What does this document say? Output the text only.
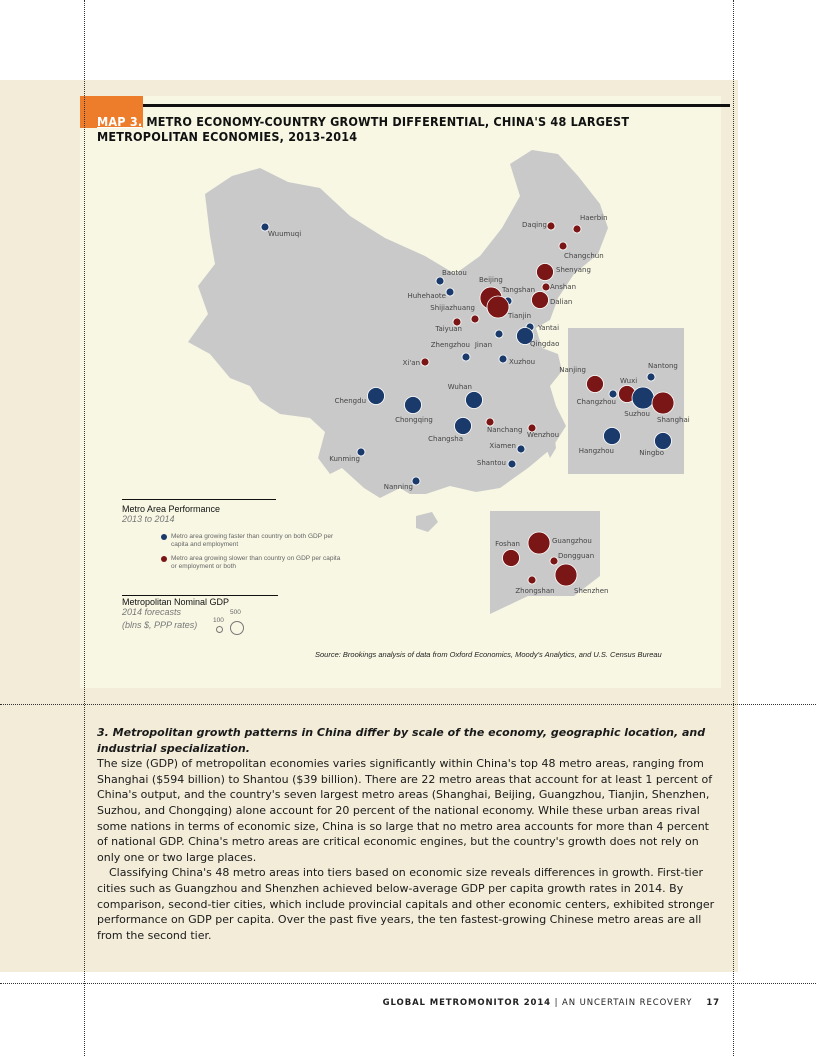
MAP 3. METRO ECONOMY-COUNTRY GROWTH DIFFERENTIAL, CHINA'S 48 LARGEST METROPOLITAN ECONOMIES, 2013-2014
Wuumuqi
Haerbin
Daqing
Changchun
Shenyang
Baotou
Beijing
Tangshan Anshan
Huhehaote
Dalian
Shijiazhuang
Tianjin
Taiyuan	Yantai
Jinan	Qingdao
Zhengzhou
Xi'an	Xuzhou
Wuhan
Chengdu
Chongqing
Nanchang
Wenzhou
Changsha
Xiamen
Shantou
Kunming
Nanning
Nanjing
Wuxi
Nantong
Changzhou
Suzhou
Shanghai
Hangzhou	Ningbo
Foshan	Guangzhou
Dongguan
Zhongshan	Shenzhen
Metro Area Performance
2013 to 2014
Metro area growing faster than country on both GDP per capita and employment
Metro area growing slower than country on GDP per capita or employment or both
Metropolitan Nominal GDP
2014 forecasts
(blns $, PPP rates) 100
500
Source: Brookings analysis of data from Oxford Economics, Moody's Analytics, and U.S. Census Bureau

3. Metropolitan growth patterns in China differ by scale of the economy, geographic location, and industrial specialization.

The size (GDP) of metropolitan economies varies significantly within China's top 48 metro areas, ranging from Shanghai ($594 billion) to Shantou ($39 billion). There are 22 metro areas that account for at least 1 percent of China's output, and the country's seven largest metro areas (Shanghai, Beijing, Guangzhou, Tianjin, Shenzhen, Suzhou, and Chongqing) alone account for 20 percent of the national economy. While these urban areas rival some nations in terms of economic size, China is so large that no metro area accounts for more than 4 percent of national GDP. China's metro areas are critical economic engines, but the country's growth does not rely on only one or two large places.

Classifying China's 48 metro areas into tiers based on economic size reveals differences in growth. First-tier cities such as Guangzhou and Shenzhen achieved below-average GDP per capita growth rates in 2014. By comparison, second-tier cities, which include provincial capitals and other economic centers, exhibited stronger performance on GDP per capita. Over the past five years, the ten fastest-growing Chinese metro areas are all from the second tier.

GLOBAL METROMONITOR 2014 | AN UNCERTAIN RECOVERY 17
